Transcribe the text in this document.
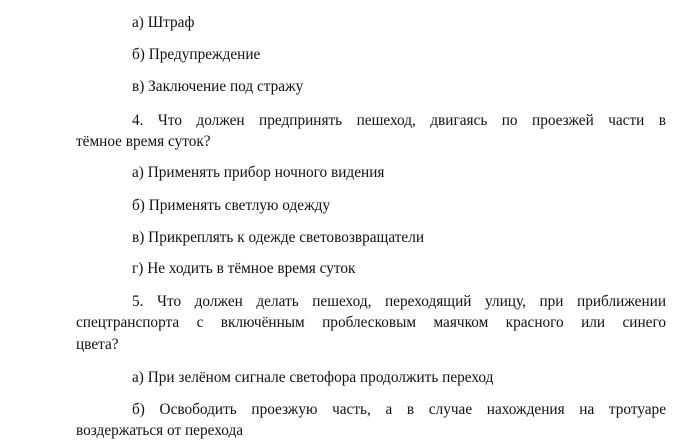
а) Штраф
б) Предупреждение
в) Заключение под стражу
4. Что должен предпринять пешеход, двигаясь по проезжей части в
тёмное время суток?
а) Применять прибор ночного видения
б) Применять светлую одежду
в) Прикреплять к одежде световозвращатели
г) Не ходить в тёмное время суток
5. Что должен делать пешеход, переходящий улицу, при приближении
спецтранспорта с включённым проблесковым маячком красного или синего
цвета?
а) При зелёном сигнале светофора продолжить переход
б) Освободить проезжую часть, а в случае нахождения на тротуаре
воздержаться от перехода
